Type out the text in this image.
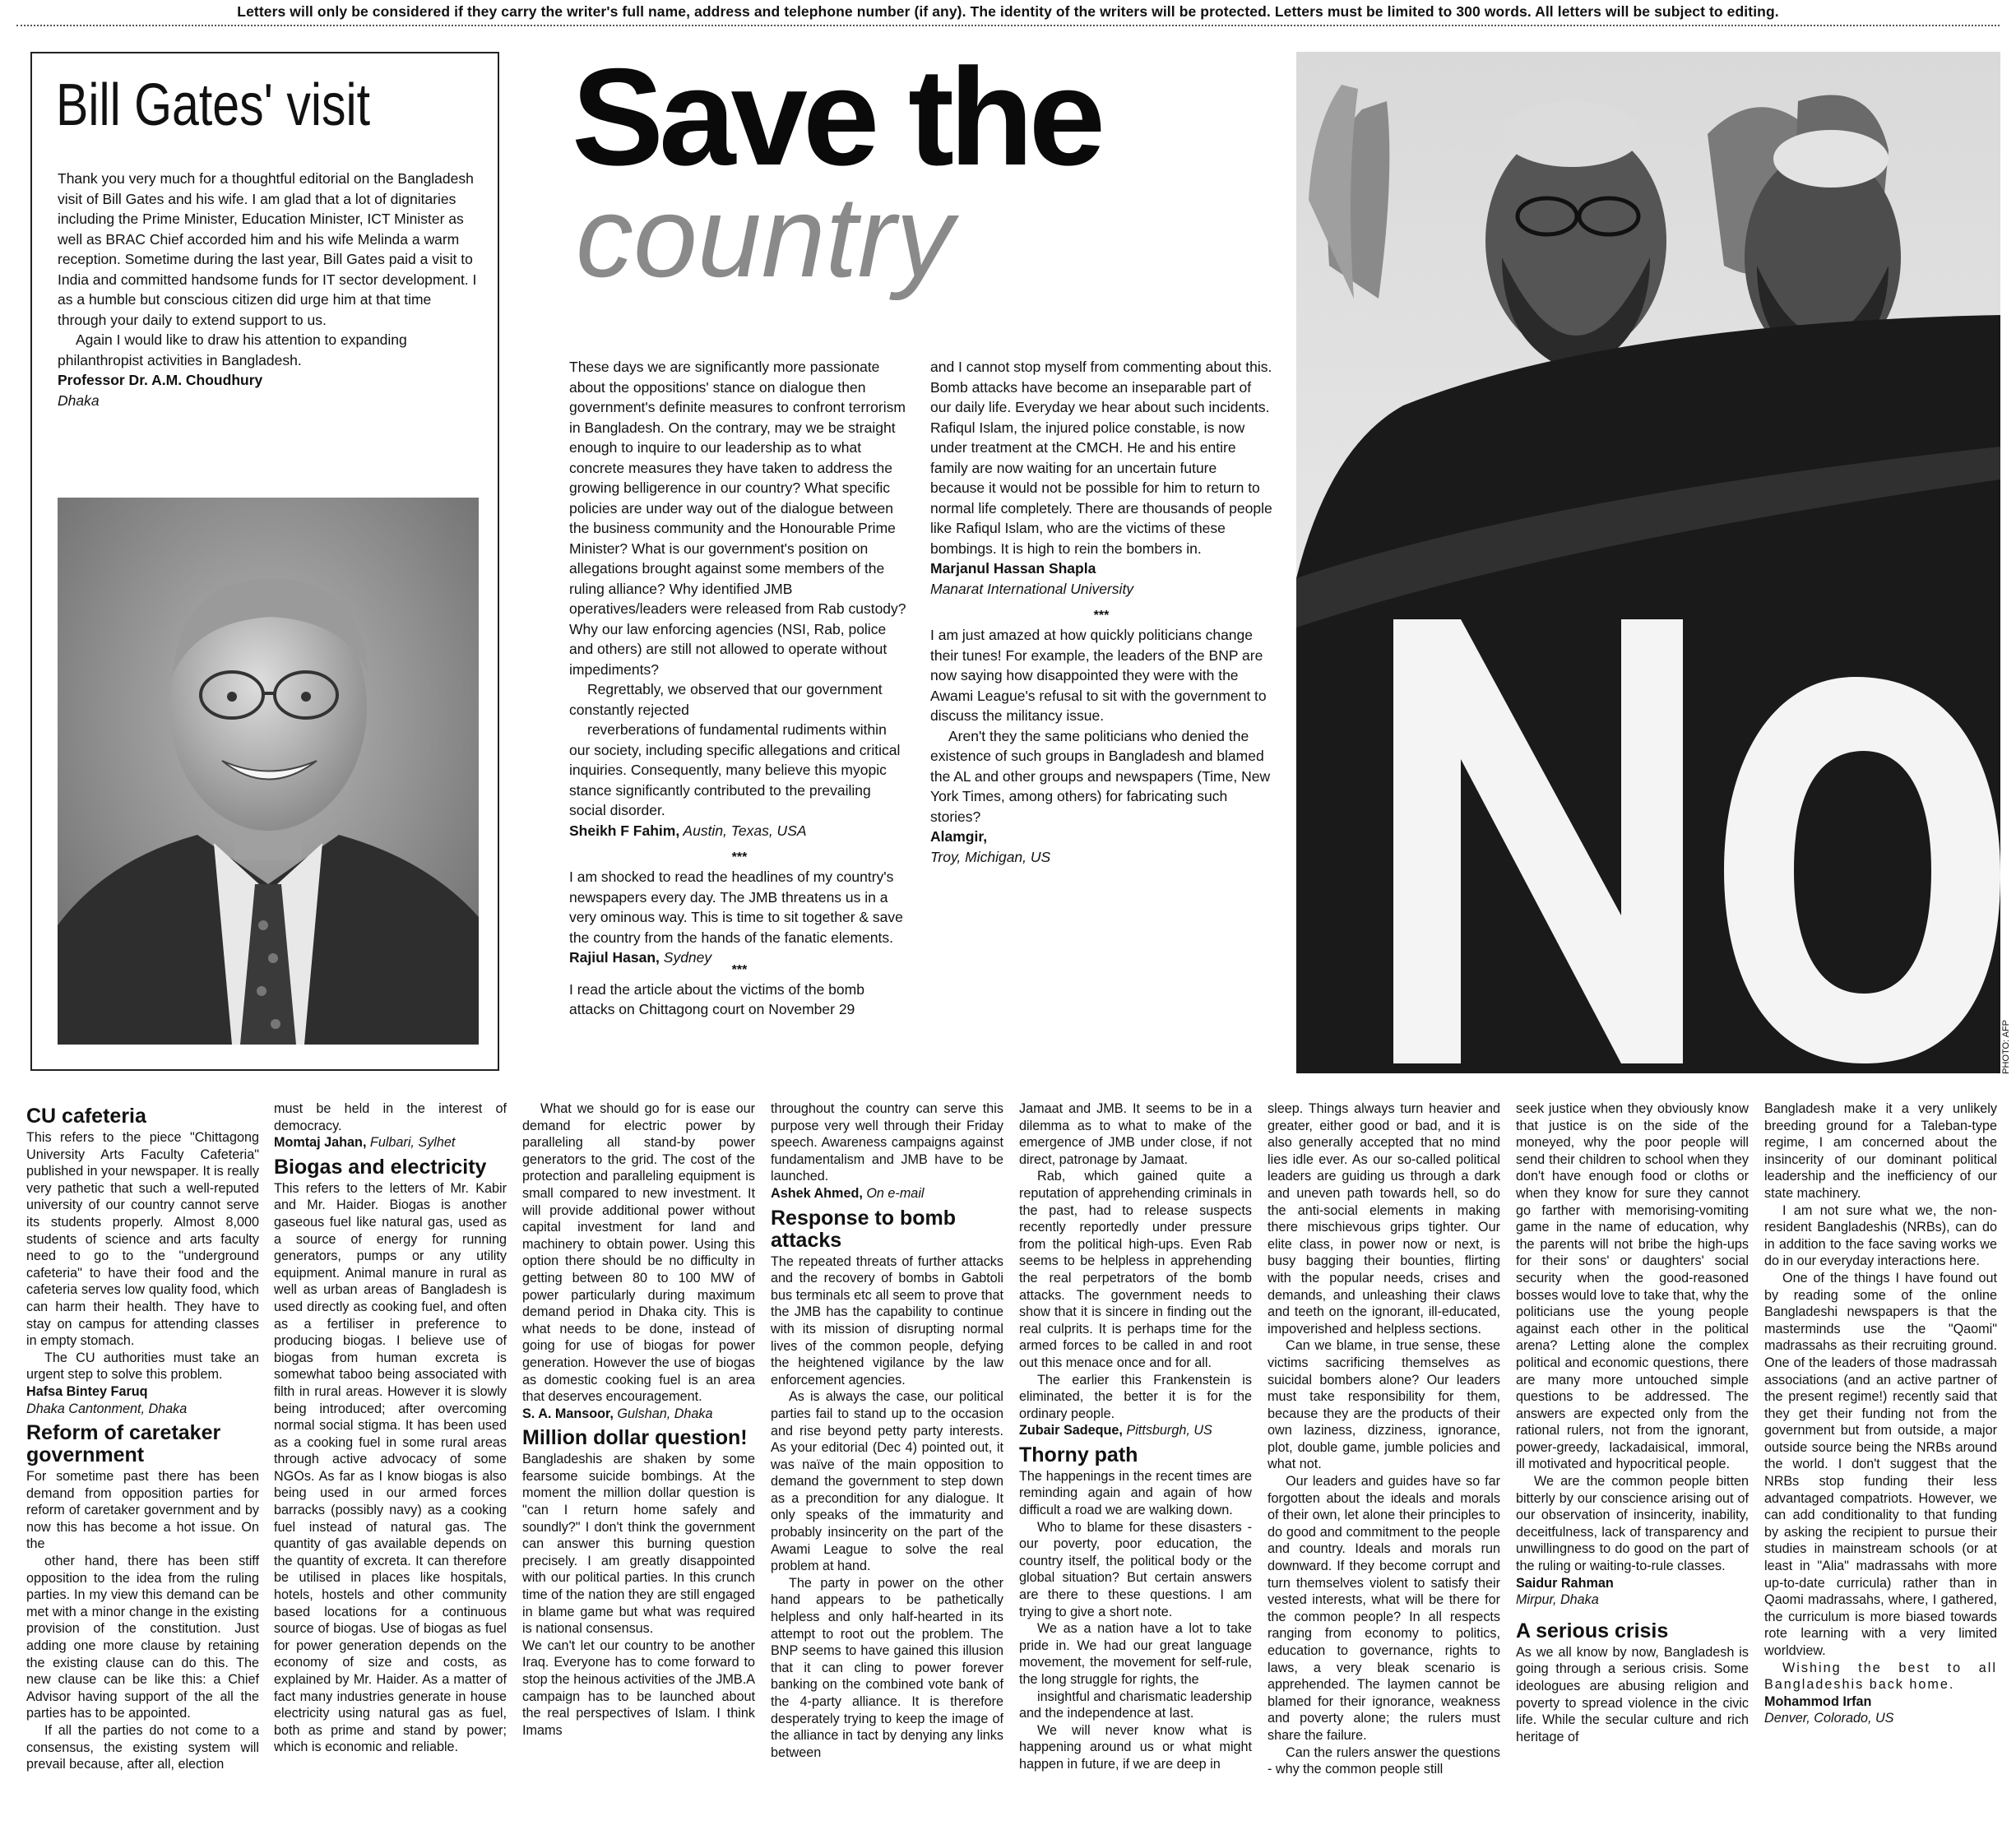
Letters will only be considered if they carry the writer's full name, address and telephone number (if any). The identity of the writers will be protected. Letters must be limited to 300 words. All letters will be subject to editing.
Bill Gates' visit

Thank you very much for a thoughtful editorial on the Bangladesh visit of Bill Gates and his wife. I am glad that a lot of dignitaries including the Prime Minister, Education Minister, ICT Minister as well as BRAC Chief accorded him and his wife Melinda a warm reception. Sometime during the last year, Bill Gates paid a visit to India and committed handsome funds for IT sector development. I as a humble but conscious citizen did urge him at that time through your daily to extend support to us.

Again I would like to draw his attention to expanding philanthropist activities in Bangladesh.

Professor Dr. A.M. Choudhury

Dhaka

Save the
country

These days we are significantly more passionate about the oppositions' stance on dialogue then government's definite measures to confront terrorism in Bangladesh. On the contrary, may we be straight enough to inquire to our leadership as to what concrete measures they have taken to address the growing belligerence in our country? What specific policies are under way out of the dialogue between the business community and the Honourable Prime Minister? What is our government's position on allegations brought against some members of the ruling alliance? Why identified JMB operatives/leaders were released from Rab custody? Why our law enforcing agencies (NSI, Rab, police and others) are still not allowed to operate without impediments?

Regrettably, we observed that our government constantly rejected

reverberations of fundamental rudiments within our society, including specific allegations and critical inquiries. Consequently, many believe this myopic stance significantly contributed to the prevailing social disorder.

Sheikh F Fahim, Austin, Texas, USA

***

I am shocked to read the headlines of my country's newspapers every day. The JMB threatens us in a very ominous way. This is time to sit together & save the country from the hands of the fanatic elements.

Rajiul Hasan, Sydney

***

I read the article about the victims of the bomb attacks on Chittagong court on November 29

and I cannot stop myself from commenting about this. Bomb attacks have become an inseparable part of our daily life. Everyday we hear about such incidents. Rafiqul Islam, the injured police constable, is now under treatment at the CMCH. He and his entire family are now waiting for an uncertain future because it would not be possible for him to return to normal life completely. There are thousands of people like Rafiqul Islam, who are the victims of these bombings. It is high to rein the bombers in.

Marjanul Hassan Shapla

Manarat International University

***

I am just amazed at how quickly politicians change their tunes! For example, the leaders of the BNP are now saying how disappointed they were with the Awami League's refusal to sit with the government to discuss the militancy issue.

Aren't they the same politicians who denied the existence of such groups in Bangladesh and blamed the AL and other groups and newspapers (Time, New York Times, among others) for fabricating such stories?

Alamgir,

Troy, Michigan, US

PHOTO: AFP
CU cafeteria

This refers to the piece "Chittagong University Arts Faculty Cafeteria" published in your newspaper. It is really very pathetic that such a well-reputed university of our country cannot serve its students properly. Almost 8,000 students of science and arts faculty need to go to the "underground cafeteria" to have their food and the cafeteria serves low quality food, which can harm their health. They have to stay on campus for attending classes in empty stomach.

The CU authorities must take an urgent step to solve this problem.

Hafsa Bintey Faruq

Dhaka Cantonment, Dhaka

Reform of caretaker government

For sometime past there has been demand from opposition parties for reform of caretaker government and by now this has become a hot issue. On the

other hand, there has been stiff opposition to the idea from the ruling parties. In my view this demand can be met with a minor change in the existing provision of the constitution. Just adding one more clause by retaining the existing clause can do this. The new clause can be like this: a Chief Advisor having support of the all the parties has to be appointed.

If all the parties do not come to a consensus, the existing system will prevail because, after all, election

must be held in the interest of democracy.

Momtaj Jahan, Fulbari, Sylhet

Biogas and electricity

This refers to the letters of Mr. Kabir and Mr. Haider. Biogas is another gaseous fuel like natural gas, used as a source of energy for running generators, pumps or any utility equipment. Animal manure in rural as well as urban areas of Bangladesh is used directly as cooking fuel, and often as a fertiliser in preference to producing biogas. I believe use of biogas from human excreta is somewhat taboo being associated with filth in rural areas. However it is slowly being introduced; after overcoming normal social stigma. It has been used as a cooking fuel in some rural areas through active advocacy of some NGOs. As far as I know biogas is also being used in our armed forces barracks (possibly navy) as a cooking fuel instead of natural gas. The quantity of gas available depends on the quantity of excreta. It can therefore be utilised in places like hospitals, hotels, hostels and other community based locations for a continuous source of biogas. Use of biogas as fuel for power generation depends on the economy of size and costs, as explained by Mr. Haider. As a matter of fact many industries generate in house electricity using natural gas as fuel, both as prime and stand by power; which is economic and reliable.

What we should go for is ease our demand for electric power by paralleling all stand-by power generators to the grid. The cost of the protection and paralleling equipment is small compared to new investment. It will provide additional power without capital investment for land and machinery to obtain power. Using this option there should be no difficulty in getting between 80 to 100 MW of power particularly during maximum demand period in Dhaka city. This is what needs to be done, instead of going for use of biogas for power generation. However the use of biogas as domestic cooking fuel is an area that deserves encouragement.

S. A. Mansoor, Gulshan, Dhaka

Million dollar question!

Bangladeshis are shaken by some fearsome suicide bombings. At the moment the million dollar question is "can I return home safely and soundly?" I don't think the government can answer this burning question precisely. I am greatly disappointed with our political parties. In this crunch time of the nation they are still engaged in blame game but what was required is national consensus.

We can't let our country to be another Iraq. Everyone has to come forward to stop the heinous activities of the JMB.A campaign has to be launched about the real perspectives of Islam. I think Imams

throughout the country can serve this purpose very well through their Friday speech. Awareness campaigns against fundamentalism and JMB have to be launched.

Ashek Ahmed, On e-mail

Response to bomb attacks

The repeated threats of further attacks and the recovery of bombs in Gabtoli bus terminals etc all seem to prove that the JMB has the capability to continue with its mission of disrupting normal lives of the common people, defying the heightened vigilance by the law enforcement agencies.

As is always the case, our political parties fail to stand up to the occasion and rise beyond petty party interests. As your editorial (Dec 4) pointed out, it was naïve of the main opposition to demand the government to step down as a precondition for any dialogue. It only speaks of the immaturity and probably insincerity on the part of the Awami League to solve the real problem at hand.

The party in power on the other hand appears to be pathetically helpless and only half-hearted in its attempt to root out the problem. The BNP seems to have gained this illusion that it can cling to power forever banking on the combined vote bank of the 4-party alliance. It is therefore desperately trying to keep the image of the alliance in tact by denying any links between

Jamaat and JMB. It seems to be in a dilemma as to what to make of the emergence of JMB under close, if not direct, patronage by Jamaat.

Rab, which gained quite a reputation of apprehending criminals in the past, had to release suspects recently reportedly under pressure from the political high-ups. Even Rab seems to be helpless in apprehending the real perpetrators of the bomb attacks. The government needs to show that it is sincere in finding out the real culprits. It is perhaps time for the armed forces to be called in and root out this menace once and for all.

The earlier this Frankenstein is eliminated, the better it is for the ordinary people.

Zubair Sadeque, Pittsburgh, US

Thorny path

The happenings in the recent times are reminding again and again of how difficult a road we are walking down.

Who to blame for these disasters - our poverty, poor education, the country itself, the political body or the global situation? But certain answers are there to these questions. I am trying to give a short note.

We as a nation have a lot to take pride in. We had our great language movement, the movement for self-rule, the long struggle for rights, the

insightful and charismatic leadership and the independence at last.

We will never know what is happening around us or what might happen in future, if we are deep in

sleep. Things always turn heavier and greater, either good or bad, and it is also generally accepted that no mind lies idle ever. As our so-called political leaders are guiding us through a dark and uneven path towards hell, so do the anti-social elements in making there mischievous grips tighter. Our elite class, in power now or next, is busy bagging their bounties, flirting with the popular needs, crises and demands, and unleashing their claws and teeth on the ignorant, ill-educated, impoverished and helpless sections.

Can we blame, in true sense, these victims sacrificing themselves as suicidal bombers alone? Our leaders must take responsibility for them, because they are the products of their own laziness, dizziness, ignorance, plot, double game, jumble policies and what not.

Our leaders and guides have so far forgotten about the ideals and morals of their own, let alone their principles to do good and commitment to the people and country. Ideals and morals run downward. If they become corrupt and turn themselves violent to satisfy their vested interests, what will be there for the common people? In all respects ranging from economy to politics, education to governance, rights to laws, a very bleak scenario is apprehended. The laymen cannot be blamed for their ignorance, weakness and poverty alone; the rulers must share the failure.

Can the rulers answer the questions - why the common people still

seek justice when they obviously know that justice is on the side of the moneyed, why the poor people will send their children to school when they don't have enough food or cloths or when they know for sure they cannot go farther with memorising-vomiting game in the name of education, why the parents will not bribe the high-ups for their sons' or daughters' social security when the good-reasoned bosses would love to take that, why the politicians use the young people against each other in the political arena? Letting alone the complex political and economic questions, there are many more untouched simple questions to be addressed. The answers are expected only from the rational rulers, not from the ignorant, power-greedy, lackadaisical, immoral, ill motivated and hypocritical people.

We are the common people bitten bitterly by our conscience arising out of our observation of insincerity, inability, deceitfulness, lack of transparency and unwillingness to do good on the part of the ruling or waiting-to-rule classes.

Saidur Rahman

Mirpur, Dhaka

A serious crisis

As we all know by now, Bangladesh is going through a serious crisis. Some ideologues are abusing religion and poverty to spread violence in the civic life. While the secular culture and rich heritage of

Bangladesh make it a very unlikely breeding ground for a Taleban-type regime, I am concerned about the insincerity of our dominant political leadership and the inefficiency of our state machinery.

I am not sure what we, the non-resident Bangladeshis (NRBs), can do in addition to the face saving works we do in our everyday interactions here.

One of the things I have found out by reading some of the online Bangladeshi newspapers is that the masterminds use the "Qaomi" madrassahs as their recruiting ground. One of the leaders of those madrassah associations (and an active partner of the present regime!) recently said that they get their funding not from the government but from outside, a major outside source being the NRBs around the world. I don't suggest that the NRBs stop funding their less advantaged compatriots. However, we can add conditionality to that funding by asking the recipient to pursue their studies in mainstream schools (or at least in "Alia" madrassahs with more up-to-date curricula) rather than in Qaomi madrassahs, where, I gathered, the curriculum is more biased towards rote learning with a very limited worldview.

Wishing the best to all Bangladeshis back home.

Mohammod Irfan

Denver, Colorado, US
